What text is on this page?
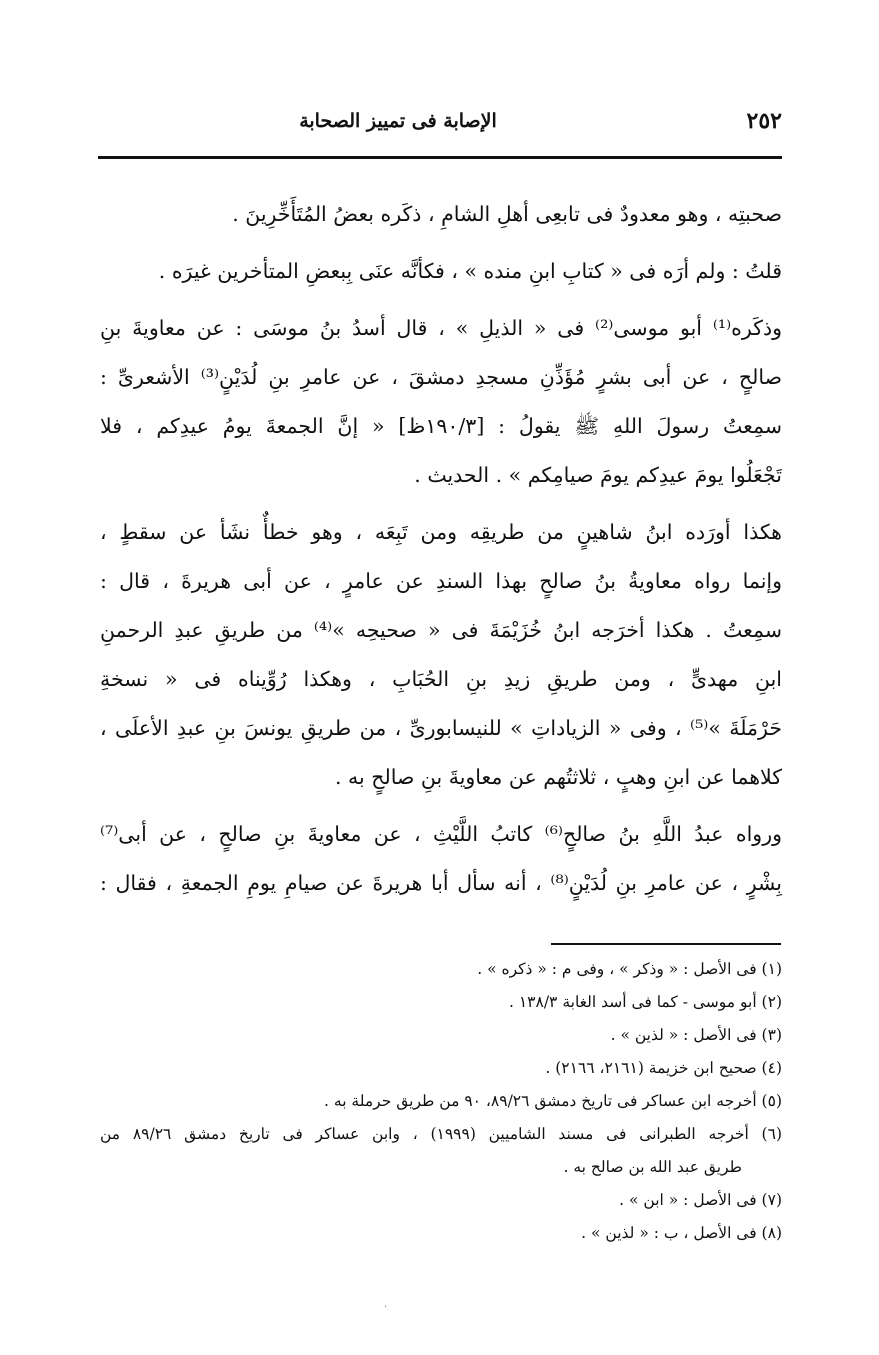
٢٥٢
الإصابة فى تمييز الصحابة

صحبتِه ، وهو معدودٌ فى تابعِى أهلِ الشامِ ، ذكَره بعضُ المُتَأَخِّرِينَ .

قلتُ : ولم أرَه فى « كتابِ ابنِ منده » ، فكأنَّه عنَى بِبعضِ المتأخرين غيرَه .

وذكَره⁽¹⁾ أبو موسى⁽²⁾ فى « الذيلِ » ، قال أسدُ بنُ موسَى : عن معاويةَ بنِ
صالحٍ ، عن أبى بشرٍ مُؤَذِّنِ مسجدِ دمشقَ ، عن عامرِ بنِ لُدَيْنٍ⁽³⁾ الأشعرىِّ :
سمِعتُ رسولَ اللهِ ﷺ يقولُ : [١٩٠/٣ظ] « إنَّ الجمعةَ يومُ عيدِكم ، فلا
تَجْعَلُوا يومَ عيدِكم يومَ صيامِكم » . الحديث .

هكذا أورَده ابنُ شاهينٍ من طريقِه ومن تَبِعَه ، وهو خطأٌ نشَأ عن سقطٍ ،
وإنما رواه معاويةُ بنُ صالحٍ بهذا السندِ عن عامرٍ ، عن أبى هريرةَ ، قال :
سمِعتُ . هكذا أخرَجه ابنُ خُزَيْمَةَ فى « صحيحِه »⁽⁴⁾ من طريقِ عبدِ الرحمنِ
ابنِ مهدىٍّ ، ومن طريقِ زيدِ بنِ الحُبَابِ ، وهكذا رُوِّيناه فى « نسخةِ
حَرْمَلَةَ »⁽⁵⁾ ، وفى « الزياداتِ » للنيسابورىِّ ، من طريقِ يونسَ بنِ عبدِ الأعلَى ،
كلاهما عن ابنِ وهبٍ ، ثلاثتُهم عن معاويةَ بنِ صالحٍ به .

ورواه عبدُ اللَّهِ بنُ صالحٍ⁽⁶⁾ كاتبُ اللَّيْثِ ، عن معاويةَ بنِ صالحٍ ، عن أبى⁽⁷⁾
بِشْرٍ ، عن عامرِ بنِ لُدَيْنٍ⁽⁸⁾ ، أنه سأل أبا هريرةَ عن صيامِ يومِ الجمعةِ ، فقال :

(١) فى الأصل : « وذكر » ، وفى م : « ذكره » .
(٢) أبو موسى - كما فى أسد الغابة ١٣٨/٣ .
(٣) فى الأصل : « لذين » .
(٤) صحيح ابن خزيمة (٢١٦١، ٢١٦٦) .
(٥) أخرجه ابن عساكر فى تاريخ دمشق ٨٩/٢٦، ٩٠ من طريق حرملة به .
(٦) أخرجه الطبرانى فى مسند الشاميين (١٩٩٩) ، وابن عساكر فى تاريخ دمشق ٨٩/٢٦ من
طريق عبد الله بن صالح به .
(٧) فى الأصل : « ابن » .
(٨) فى الأصل ، ب : « لذين » .
·
